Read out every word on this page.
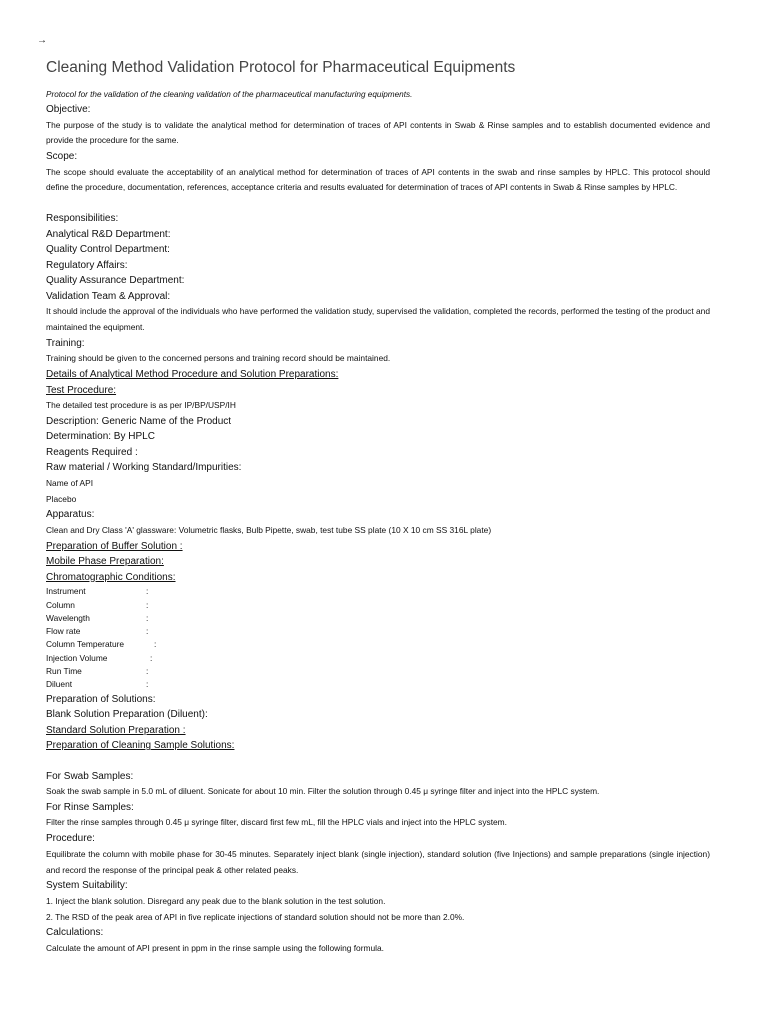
→
Cleaning Method Validation Protocol for Pharmaceutical Equipments

Protocol for the validation of the cleaning validation of the pharmaceutical manufacturing equipments.

Objective:

The purpose of the study is to validate the analytical method for determination of traces of API contents in Swab & Rinse samples and to establish documented evidence and provide the procedure for the same.

Scope:

The scope should evaluate the acceptability of an analytical method for determination of traces of API contents in the swab and rinse samples by HPLC. This protocol should define the procedure, documentation, references, acceptance criteria and results evaluated for determination of traces of API contents in Swab & Rinse samples by HPLC.

Responsibilities:

Analytical R&D Department:

Quality Control Department:

Regulatory Affairs:

Quality Assurance Department:

Validation Team & Approval:

It should include the approval of the individuals who have performed the validation study, supervised the validation, completed the records, performed the testing of the product and maintained the equipment.

Training:

Training should be given to the concerned persons and training record should be maintained.

Details of Analytical Method Procedure and Solution Preparations:

Test Procedure:

The detailed test procedure is as per IP/BP/USP/IH

Description: Generic Name of the Product

Determination: By HPLC

Reagents Required :

Raw material / Working Standard/Impurities:

Name of API

Placebo

Apparatus:

Clean and Dry Class 'A' glassware: Volumetric flasks, Bulb Pipette, swab, test tube SS plate (10 X 10 cm SS 316L plate)

Preparation of Buffer Solution :

Mobile Phase Preparation:

Chromatographic Conditions:

Instrument	:

Column	:

Wavelength	:

Flow rate	:

Column Temperature	:

Injection Volume	:

Run Time	:

Diluent	:

Preparation of Solutions:

Blank Solution Preparation (Diluent):

Standard Solution Preparation :

Preparation of Cleaning Sample Solutions:

For Swab Samples:

Soak the swab sample in 5.0 mL of diluent. Sonicate for about 10 min. Filter the solution through 0.45 μ syringe filter and inject into the HPLC system.

For Rinse Samples:

Filter the rinse samples through 0.45 μ syringe filter, discard first few mL, fill the HPLC vials and inject into the HPLC system.

Procedure:

Equilibrate the column with mobile phase for 30-45 minutes. Separately inject blank (single injection), standard solution (five Injections) and sample preparations (single injection) and record the response of the principal peak & other related peaks.

System Suitability:

1. Inject the blank solution. Disregard any peak due to the blank solution in the test solution.

2. The RSD of the peak area of API in five replicate injections of standard solution should not be more than 2.0%.

Calculations:

Calculate the amount of API present in ppm in the rinse sample using the following formula.
